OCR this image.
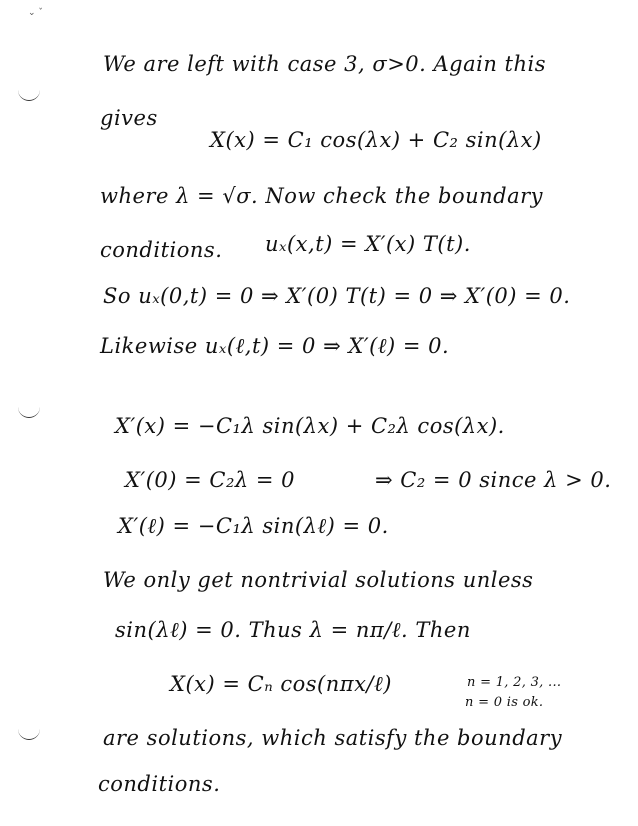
⌄ ˇ
We are left with case 3, σ>0. Again this
gives
X(x) = C₁ cos(λx) + C₂ sin(λx)
where λ = √σ. Now check the boundary
conditions. uₓ(x,t) = X′(x) T(t).
So uₓ(0,t) = 0 ⇒ X′(0) T(t) = 0 ⇒ X′(0) = 0.
Likewise uₓ(ℓ,t) = 0 ⇒ X′(ℓ) = 0.
X′(x) = −C₁λ sin(λx) + C₂λ cos(λx).
X′(0) = C₂λ = 0	⇒ C₂ = 0 since λ > 0.
X′(ℓ) = −C₁λ sin(λℓ) = 0.
We only get nontrivial solutions unless
sin(λℓ) = 0. Thus λ = nπ/ℓ. Then
X(x) = Cₙ cos(nπx/ℓ)	n = 1, 2, 3, ...
n = 0 is ok.
are solutions, which satisfy the boundary
conditions.
